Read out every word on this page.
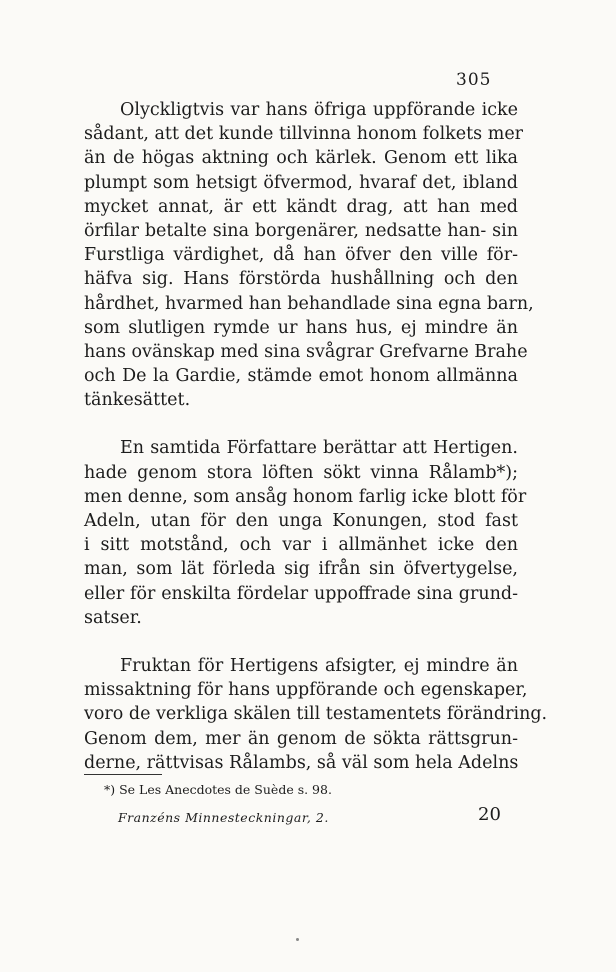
305
Olyckligtvis var hans öfriga uppförande icke
sådant, att det kunde tillvinna honom folkets mer
än de högas aktning och kärlek. Genom ett lika
plumpt som hetsigt öfvermod, hvaraf det, ibland
mycket annat, är ett kändt drag, att han med
örfilar betalte sina borgenärer, nedsatte han- sin
Furstliga värdighet, då han öfver den ville för-
häfva sig. Hans förstörda hushållning och den
hårdhet, hvarmed han behandlade sina egna barn,
som slutligen rymde ur hans hus, ej mindre än
hans ovänskap med sina svågrar Grefvarne Brahe
och De la Gardie, stämde emot honom allmänna
tänkesättet.
En samtida Författare berättar att Hertigen.
hade genom stora löften sökt vinna Rålamb*);
men denne, som ansåg honom farlig icke blott för
Adeln, utan för den unga Konungen, stod fast
i sitt motstånd, och var i allmänhet icke den
man, som lät förleda sig ifrån sin öfvertygelse,
eller för enskilta fördelar uppoffrade sina grund-
satser.
Fruktan för Hertigens afsigter, ej mindre än
missaktning för hans uppförande och egenskaper,
voro de verkliga skälen till testamentets förändring.
Genom dem, mer än genom de sökta rättsgrun-
derne, rättvisas Rålambs, så väl som hela Adelns
*) Se Les Anecdotes de Suède s. 98.
Franzéns Minnesteckningar, 2.	20
